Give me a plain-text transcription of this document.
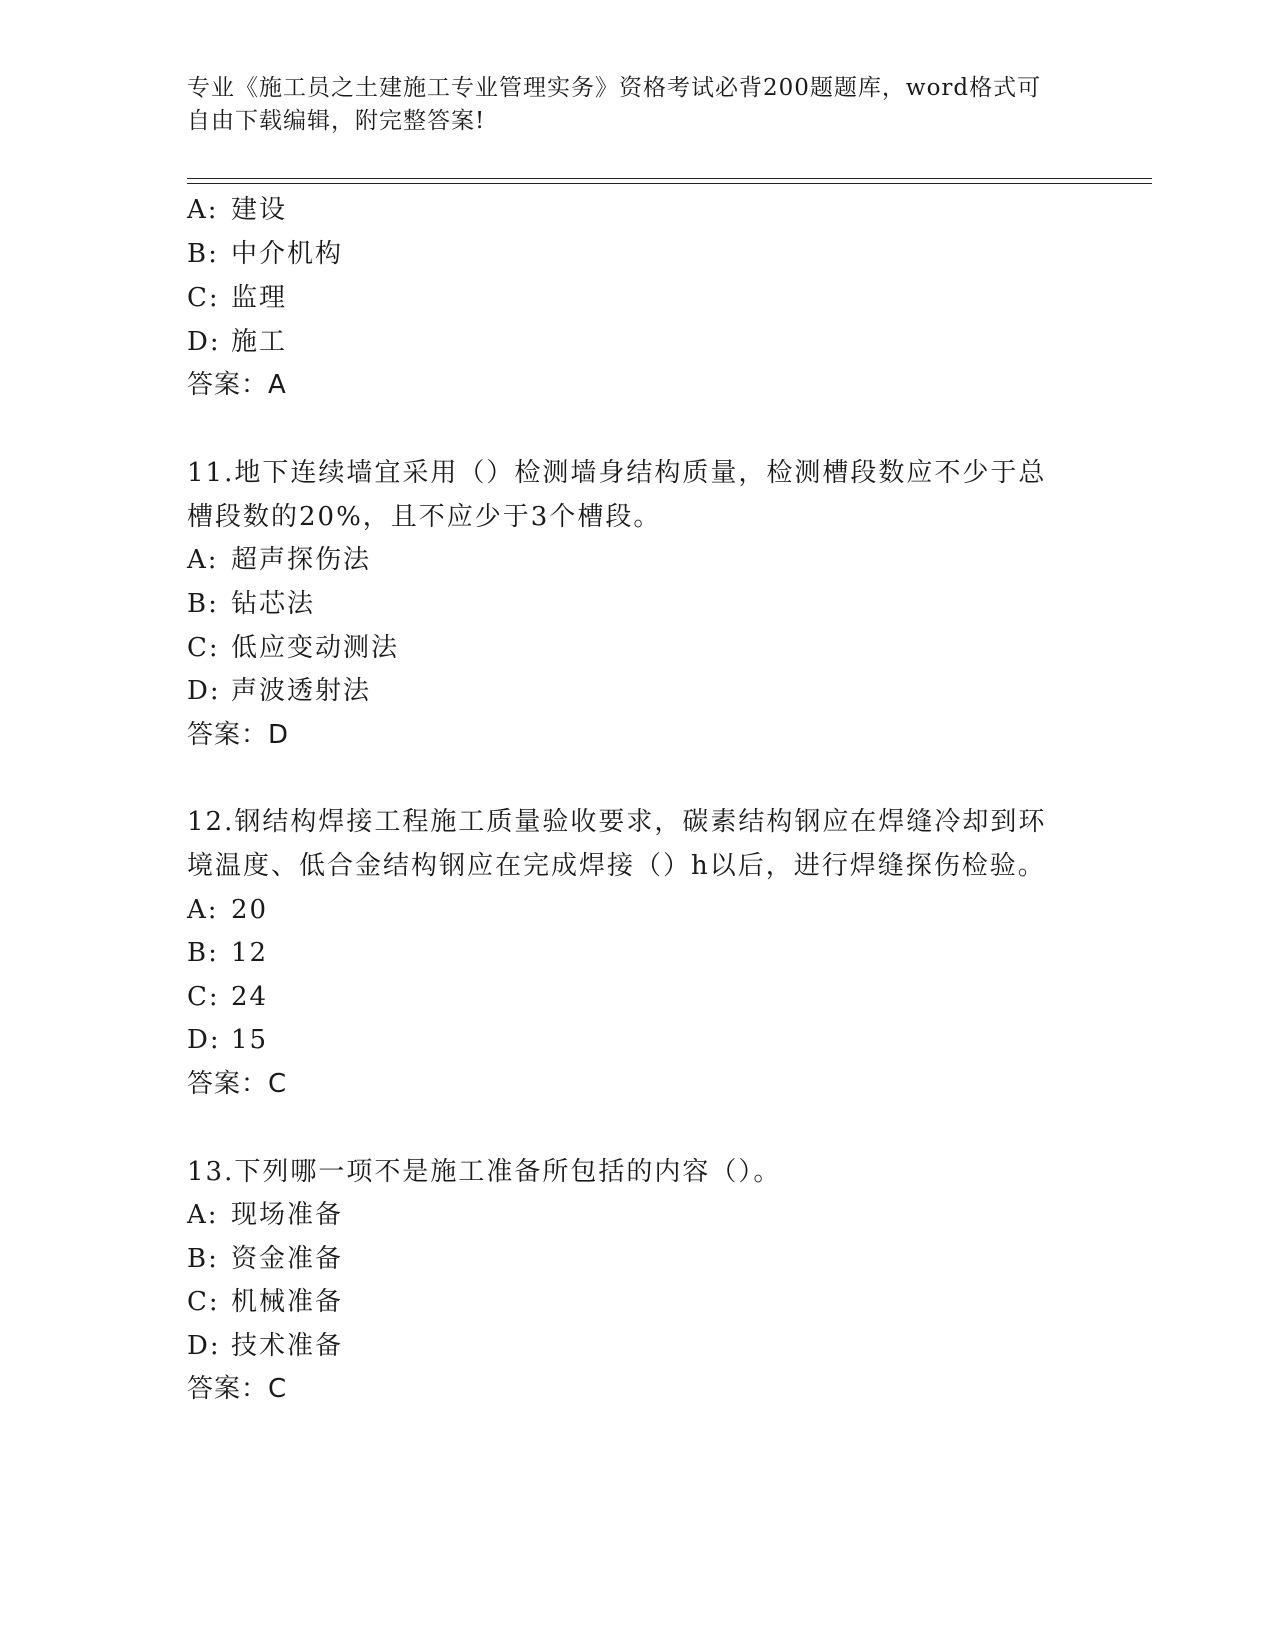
专业《施工员之土建施工专业管理实务》资格考试必背200题题库，word格式可
自由下载编辑，附完整答案!
A: 建设
B: 中介机构
C: 监理
D: 施工
答案：A
11.地下连续墙宜采用（）检测墙身结构质量，检测槽段数应不少于总
槽段数的20%，且不应少于3个槽段。
A: 超声探伤法
B: 钻芯法
C: 低应变动测法
D: 声波透射法
答案：D
12.钢结构焊接工程施工质量验收要求，碳素结构钢应在焊缝冷却到环
境温度、低合金结构钢应在完成焊接（）h以后，进行焊缝探伤检验。
A: 20
B: 12
C: 24
D: 15
答案：C
13.下列哪一项不是施工准备所包括的内容（）。
A: 现场准备
B: 资金准备
C: 机械准备
D: 技术准备
答案：C
